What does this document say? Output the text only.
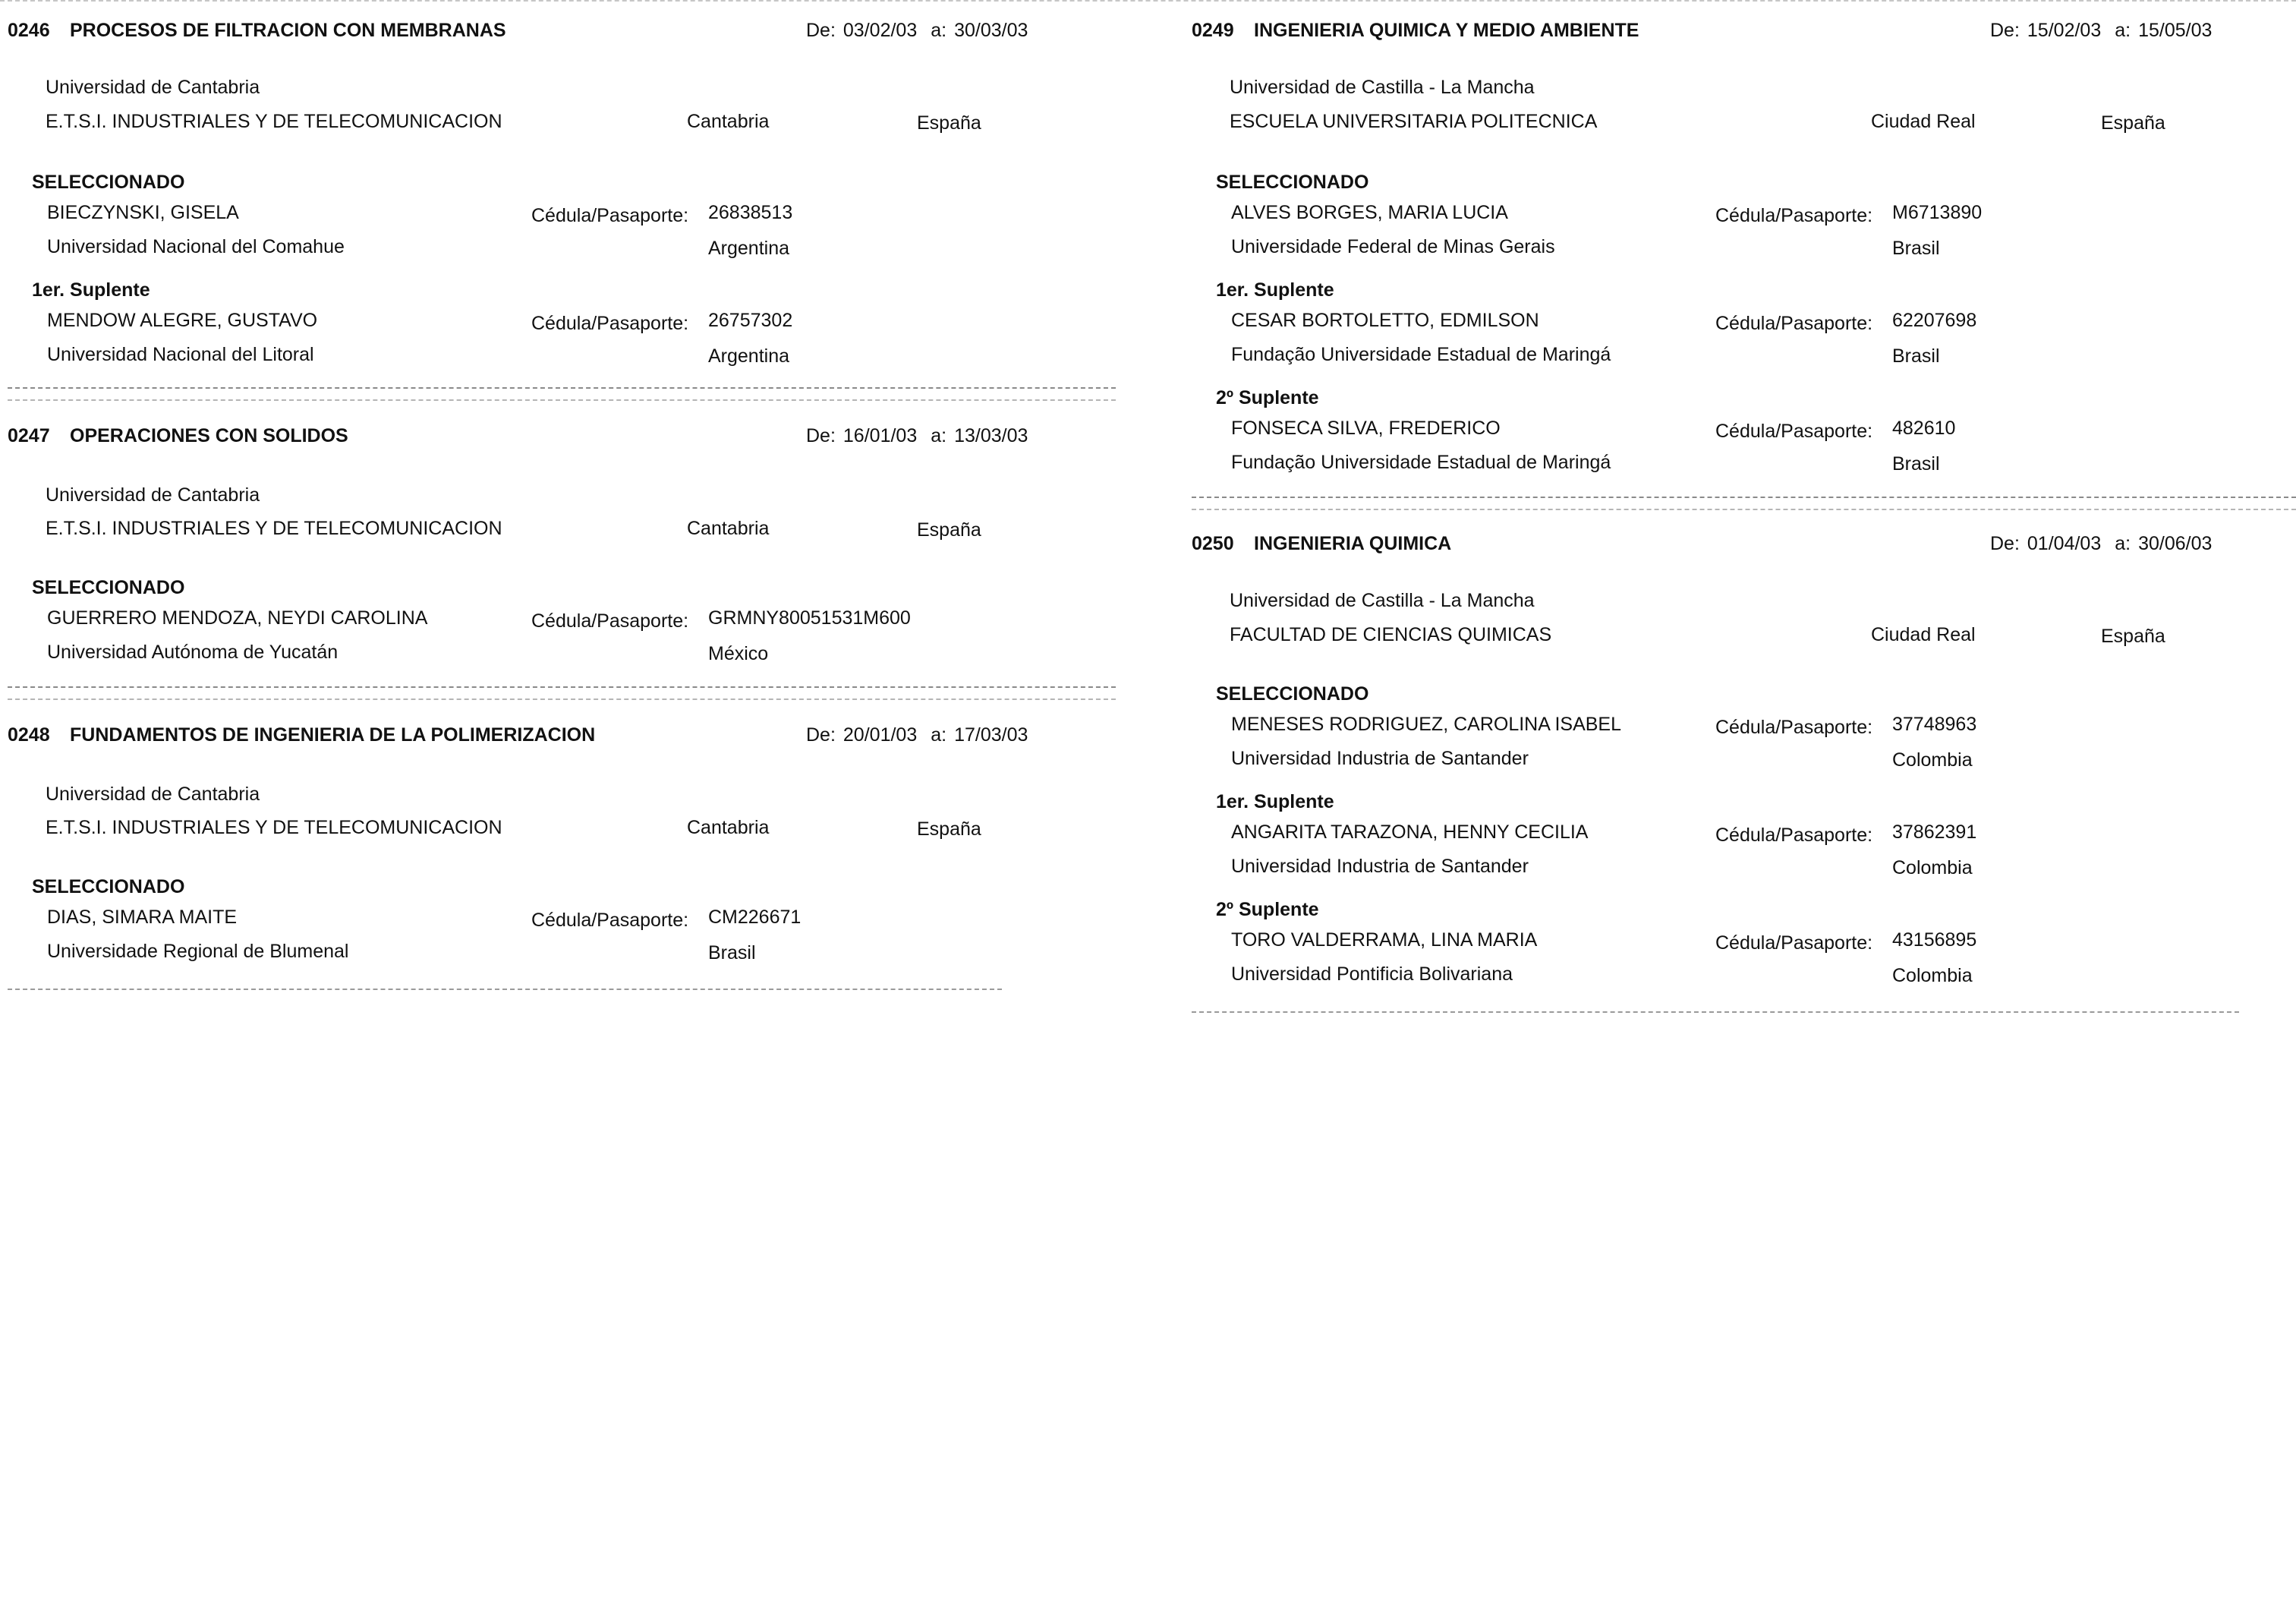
0246 PROCESOS DE FILTRACION CON MEMBRANAS	De: 03/02/03 a: 30/03/03
Universidad de Cantabria
E.T.S.I. INDUSTRIALES Y DE TELECOMUNICACION	Cantabria	España
SELECCIONADO
BIECZYNSKI, GISELA	Cédula/Pasaporte: 26838513
Universidad Nacional del Comahue	Argentina
1er. Suplente
MENDOW ALEGRE, GUSTAVO	Cédula/Pasaporte: 26757302
Universidad Nacional del Litoral	Argentina
0247 OPERACIONES CON SOLIDOS	De: 16/01/03 a: 13/03/03
Universidad de Cantabria
E.T.S.I. INDUSTRIALES Y DE TELECOMUNICACION	Cantabria	España
SELECCIONADO
GUERRERO MENDOZA, NEYDI CAROLINA	Cédula/Pasaporte: GRMNY80051531M600
Universidad Autónoma de Yucatán	México
0248 FUNDAMENTOS DE INGENIERIA DE LA POLIMERIZACION	De: 20/01/03 a: 17/03/03
Universidad de Cantabria
E.T.S.I. INDUSTRIALES Y DE TELECOMUNICACION	Cantabria	España
SELECCIONADO
DIAS, SIMARA MAITE	Cédula/Pasaporte: CM226671
Universidade Regional de Blumenal	Brasil
0249 INGENIERIA QUIMICA Y MEDIO AMBIENTE	De: 15/02/03 a: 15/05/03
Universidad de Castilla - La Mancha
ESCUELA UNIVERSITARIA POLITECNICA	Ciudad Real	España
SELECCIONADO
ALVES BORGES, MARIA LUCIA	Cédula/Pasaporte: M6713890
Universidade Federal de Minas Gerais	Brasil
1er. Suplente
CESAR BORTOLETTO, EDMILSON	Cédula/Pasaporte: 62207698
Fundação Universidade Estadual de Maringá	Brasil
2º Suplente
FONSECA SILVA, FREDERICO	Cédula/Pasaporte: 482610
Fundação Universidade Estadual de Maringá	Brasil
0250 INGENIERIA QUIMICA	De: 01/04/03 a: 30/06/03
Universidad de Castilla - La Mancha
FACULTAD DE CIENCIAS QUIMICAS	Ciudad Real	España
SELECCIONADO
MENESES RODRIGUEZ, CAROLINA ISABEL	Cédula/Pasaporte: 37748963
Universidad Industria de Santander	Colombia
1er. Suplente
ANGARITA TARAZONA, HENNY CECILIA	Cédula/Pasaporte: 37862391
Universidad Industria de Santander	Colombia
2º Suplente
TORO VALDERRAMA, LINA MARIA	Cédula/Pasaporte: 43156895
Universidad Pontificia Bolivariana	Colombia
